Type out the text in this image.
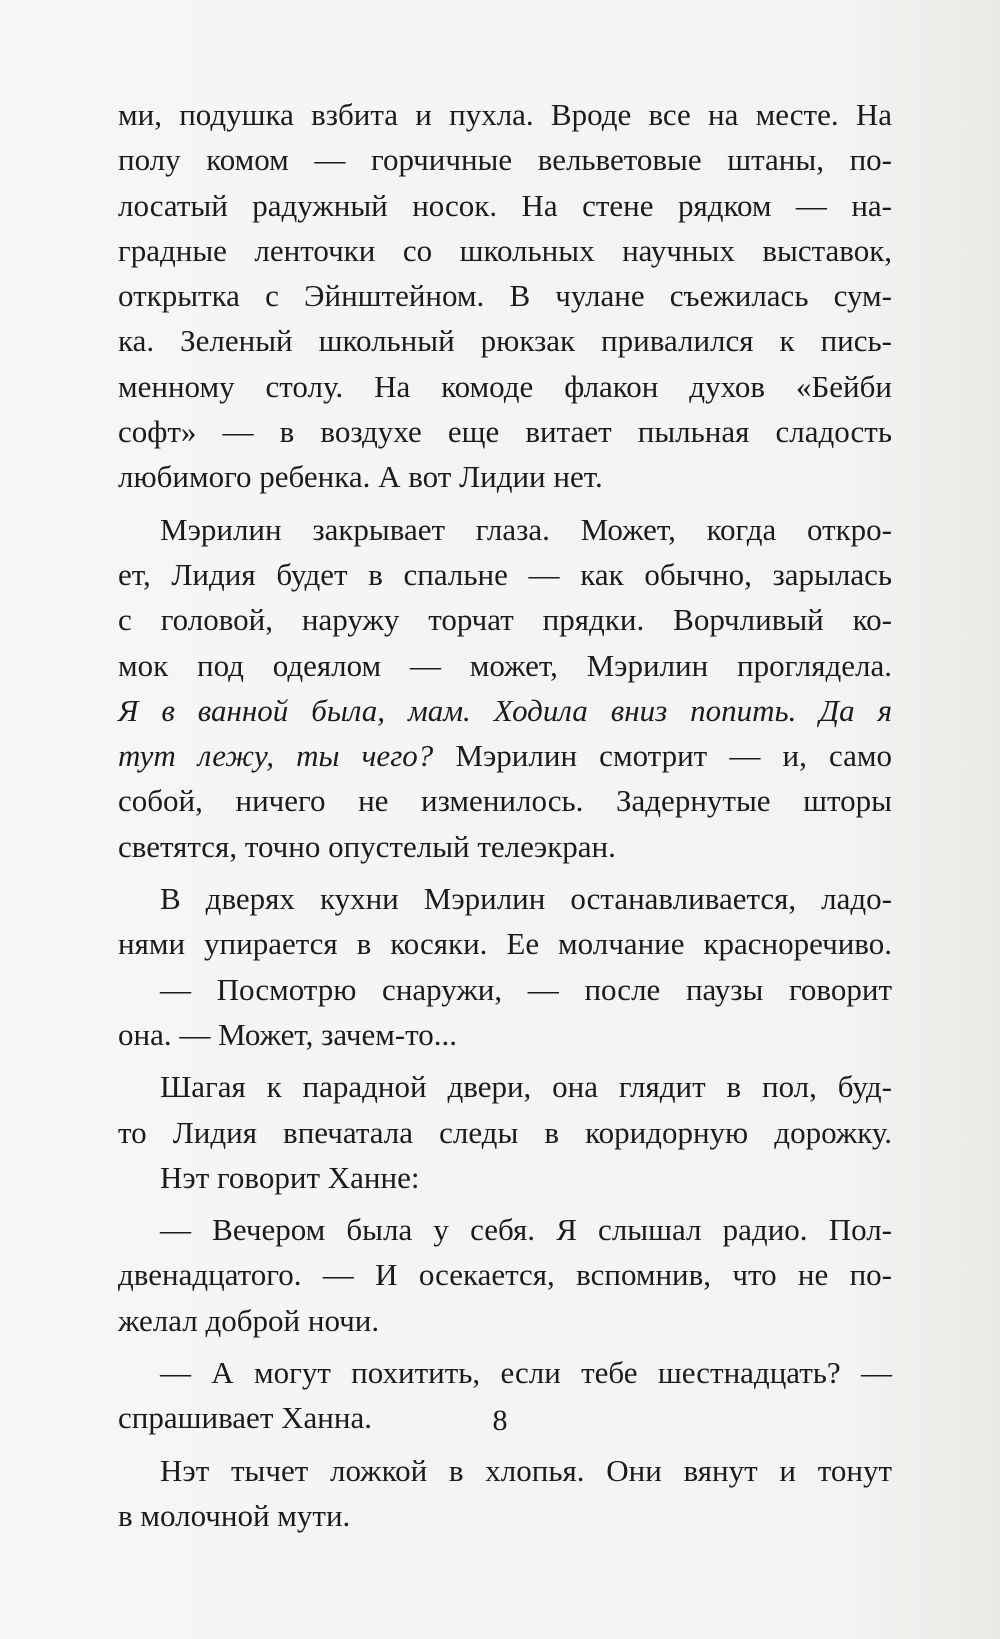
ми, подушка взбита и пухла. Вроде все на месте. На
полу комом — горчичные вельветовые штаны, по-
лосатый радужный носок. На стене рядком — на-
градные ленточки со школьных научных выставок,
открытка с Эйнштейном. В чулане съежилась сум-
ка. Зеленый школьный рюкзак привалился к пись-
менному столу. На комоде флакон духов «Бейби
софт» — в воздухе еще витает пыльная сладость
любимого ребенка. А вот Лидии нет.
Мэрилин закрывает глаза. Может, когда откро-
ет, Лидия будет в спальне — как обычно, зарылась
с головой, наружу торчат прядки. Ворчливый ко-
мок под одеялом — может, Мэрилин проглядела.
Я в ванной была, мам. Ходила вниз попить. Да я
тут лежу, ты чего? Мэрилин смотрит — и, само
собой, ничего не изменилось. Задернутые шторы
светятся, точно опустелый телеэкран.
В дверях кухни Мэрилин останавливается, ладо-
нями упирается в косяки. Ее молчание красноречиво.
— Посмотрю снаружи, — после паузы говорит
она. — Может, зачем-то...
Шагая к парадной двери, она глядит в пол, буд-
то Лидия впечатала следы в коридорную дорожку.
Нэт говорит Ханне:
— Вечером была у себя. Я слышал радио. Пол-
двенадцатого. — И осекается, вспомнив, что не по-
желал доброй ночи.
— А могут похитить, если тебе шестнадцать? —
спрашивает Ханна.
Нэт тычет ложкой в хлопья. Они вянут и тонут
в молочной мути.
8
